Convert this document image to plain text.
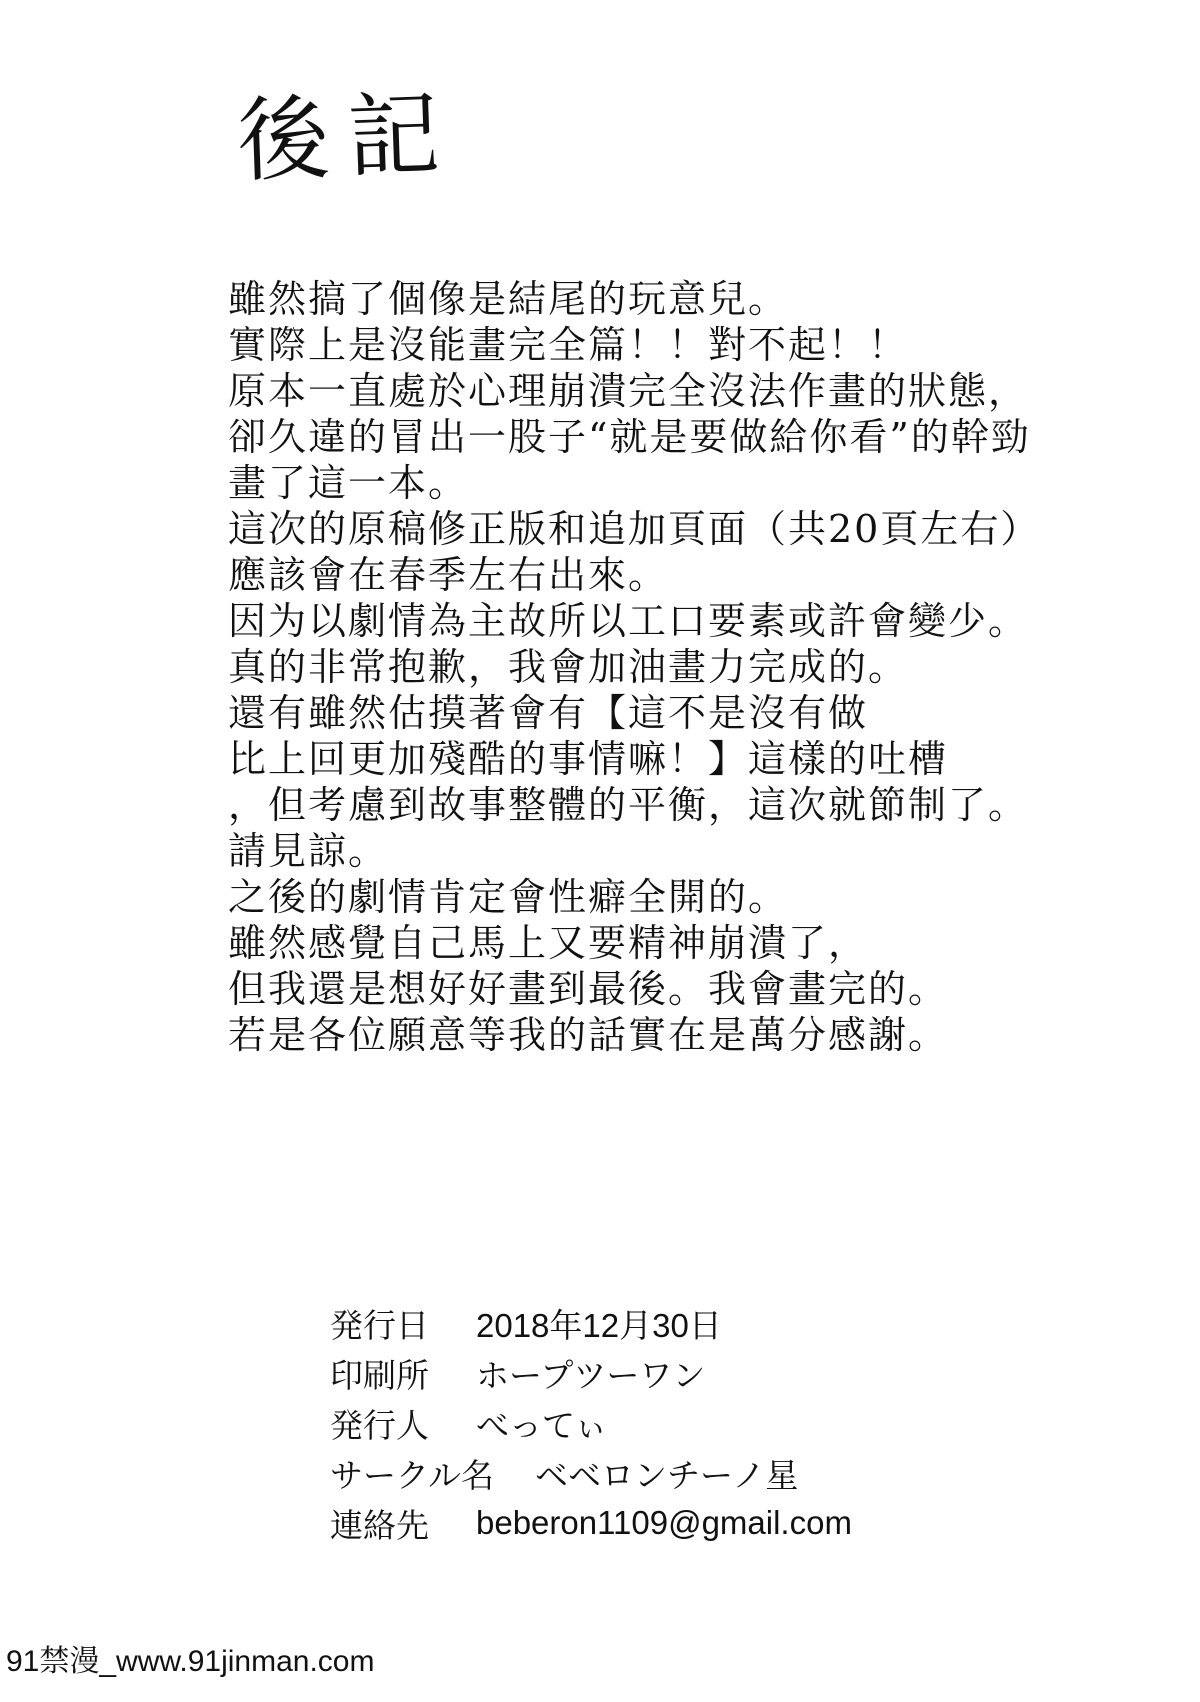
後記
雖然搞了個像是結尾的玩意兒。
實際上是沒能畫完全篇！！對不起！！
原本一直處於心理崩潰完全沒法作畫的狀態，
卻久違的冒出一股子“就是要做給你看”的幹勁
畫了這一本。
這次的原稿修正版和追加頁面（共20頁左右）
應該會在春季左右出來。
因为以劇情為主故所以工口要素或許會變少。
真的非常抱歉，我會加油畫力完成的。
還有雖然估摸著會有【這不是沒有做
比上回更加殘酷的事情嘛！】這樣的吐槽
，但考慮到故事整體的平衡，這次就節制了。
請見諒。
之後的劇情肯定會性癖全開的。
雖然感覺自己馬上又要精神崩潰了，
但我還是想好好畫到最後。我會畫完的。
若是各位願意等我的話實在是萬分感謝。
発行日	2018年12月30日
印刷所	ホープツーワン
発行人	べってぃ
サークル名	ベベロンチーノ星
連絡先	beberon1109@gmail.com
91禁漫_www.91jinman.com
